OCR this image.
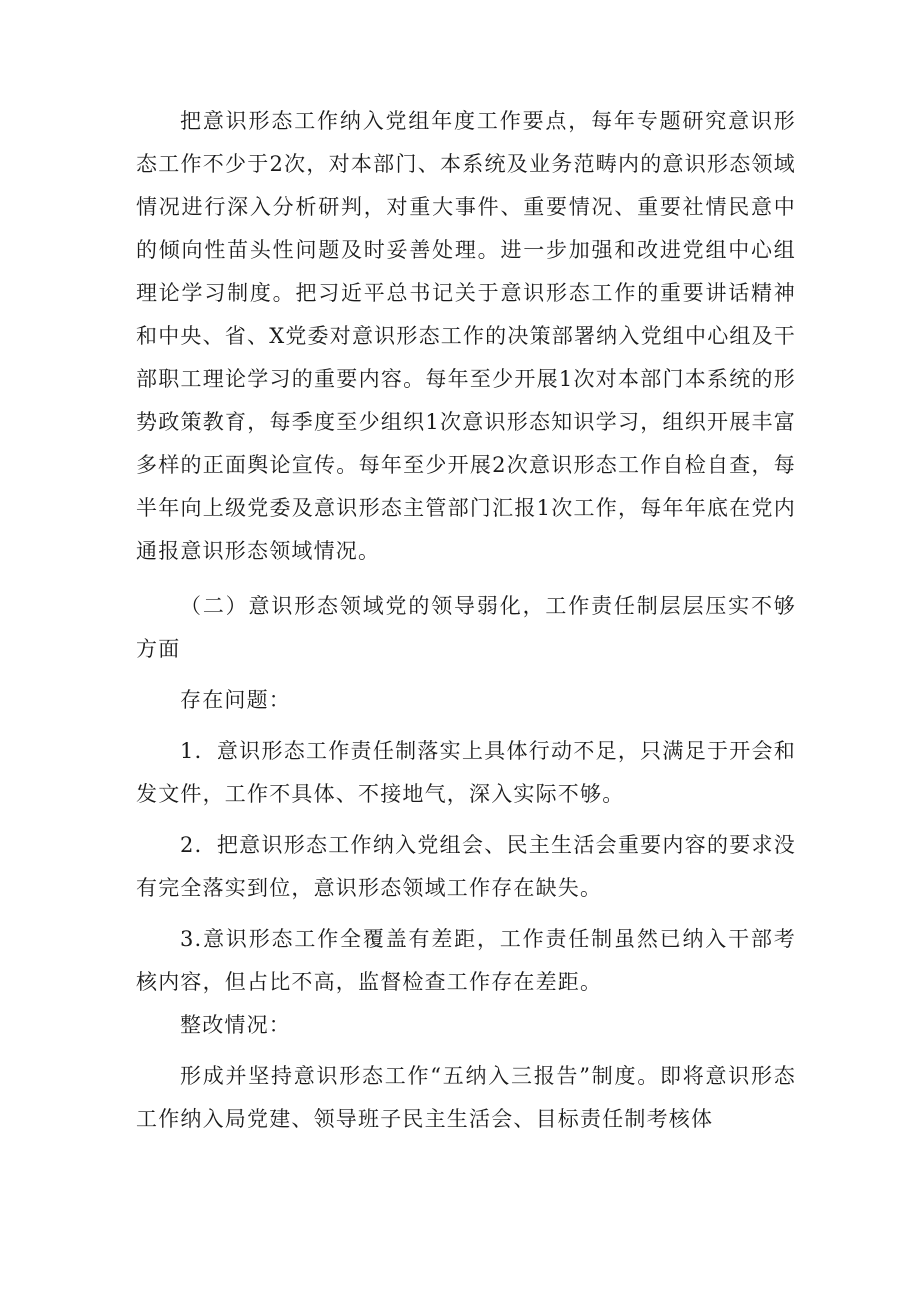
把意识形态工作纳入党组年度工作要点，每年专题研究意识形态工作不少于2次，对本部门、本系统及业务范畴内的意识形态领域情况进行深入分析研判，对重大事件、重要情况、重要社情民意中的倾向性苗头性问题及时妥善处理。进一步加强和改进党组中心组理论学习制度。把习近平总书记关于意识形态工作的重要讲话精神和中央、省、X党委对意识形态工作的决策部署纳入党组中心组及干部职工理论学习的重要内容。每年至少开展1次对本部门本系统的形势政策教育，每季度至少组织1次意识形态知识学习，组织开展丰富多样的正面舆论宣传。每年至少开展2次意识形态工作自检自查，每半年向上级党委及意识形态主管部门汇报1次工作，每年年底在党内通报意识形态领域情况。

（二）意识形态领域党的领导弱化，工作责任制层层压实不够方面

存在问题：

1．意识形态工作责任制落实上具体行动不足，只满足于开会和发文件，工作不具体、不接地气，深入实际不够。

2．把意识形态工作纳入党组会、民主生活会重要内容的要求没有完全落实到位，意识形态领域工作存在缺失。

3.意识形态工作全覆盖有差距，工作责任制虽然已纳入干部考核内容，但占比不高，监督检查工作存在差距。

整改情况：

形成并坚持意识形态工作“五纳入三报告”制度。即将意识形态工作纳入局党建、领导班子民主生活会、目标责任制考核体
